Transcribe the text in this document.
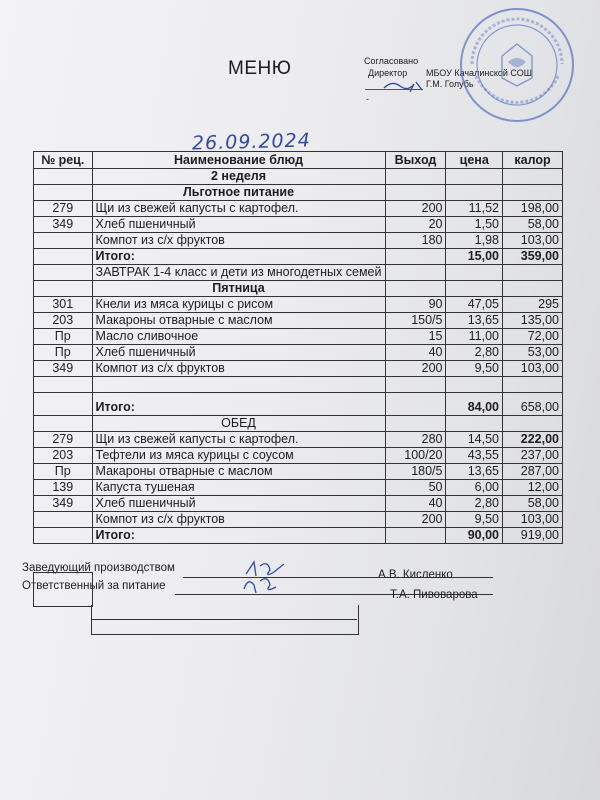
МЕНЮ	Согласовано
Директор МБОУ Качалинской СОШ
Г.М. Голубь
-
26.09.2024
№ рец.	Наименование блюд	Выход	цена	калор
	2 неделя			
	Льготное питание			
279	Щи из свежей капусты с картофел.	200	11,52	198,00
349	Хлеб пшеничный	20	1,50	58,00
	Компот из с/х фруктов	180	1,98	103,00
	Итого:		15,00	359,00
	ЗАВТРАК 1-4 класс и дети из многодетных семей			
	Пятница			
301	Кнели из мяса курицы с рисом	90	47,05	295
203	Макароны отварные с маслом	150/5	13,65	135,00
Пр	Масло сливочное	15	11,00	72,00
Пр	Хлеб пшеничный	40	2,80	53,00
349	Компот из с/х фруктов	200	9,50	103,00

	Итого:		84,00	658,00
	ОБЕД			
279	Щи из свежей капусты с картофел.	280	14,50	222,00
203	Тефтели из мяса курицы с соусом	100/20	43,55	237,00
Пр	Макароны отварные с маслом	180/5	13,65	287,00
139	Капуста тушеная	50	6,00	12,00
349	Хлеб пшеничный	40	2,80	58,00
	Компот из с/х фруктов	200	9,50	103,00
	Итого:		90,00	919,00
Заведующий производством
А.В. Кисленко
Ответственный за питание
Т.А. Пивоварова
